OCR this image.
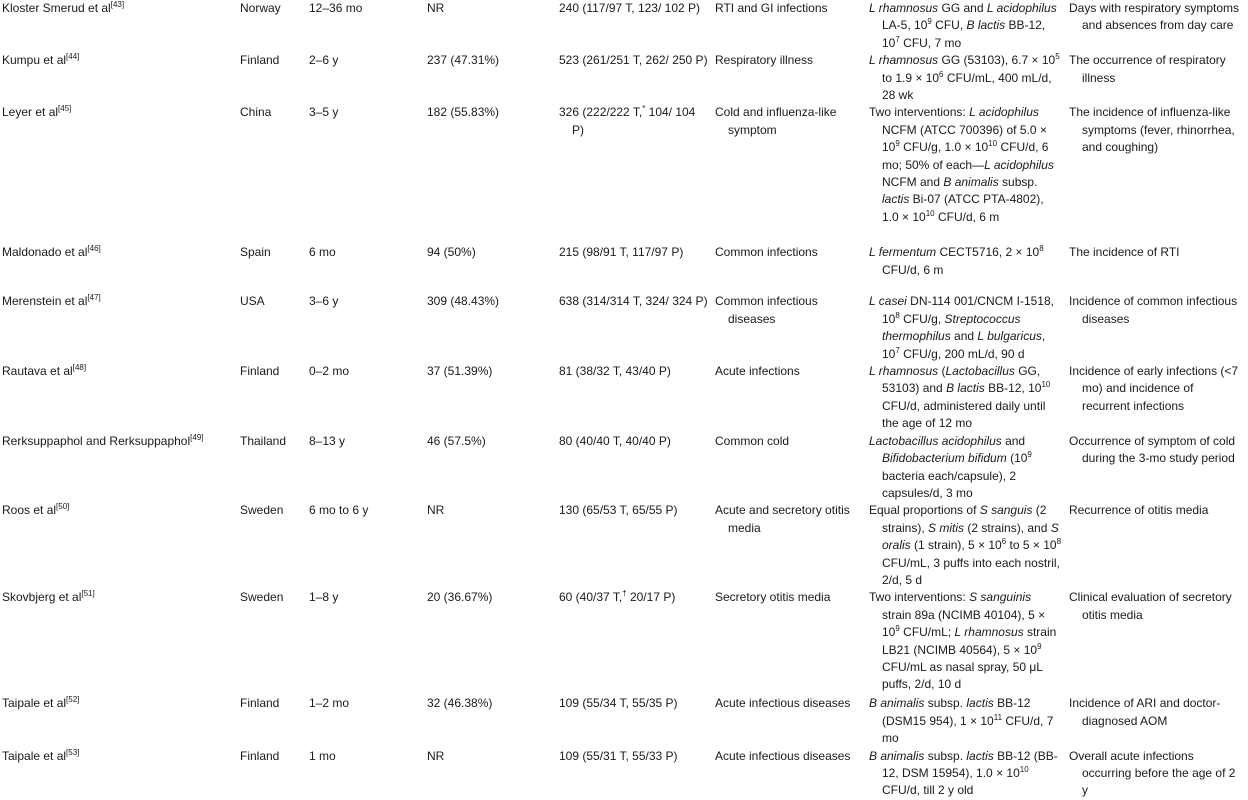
Kloster Smerud et al[43]	Norway	12–36 mo	NR	240 (117/97 T, 123/ 102 P)	RTI and GI infections	L rhamnosus GG and L acidophilus LA-5, $10^9$ CFU, B lactis BB-12, $10^7$ CFU, 7 mo	Days with respiratory symptoms and absences from day care

Kumpu et al[44]	Finland	2–6 y	237 (47.31%)	523 (261/251 T, 262/ 250 P)	Respiratory illness	L rhamnosus GG (53103), $6.7 \times 10^5$ to $1.9 \times 10^6$ CFU/mL, 400 mL/d, 28 wk	The occurrence of respiratory illness

Leyer et al[45]	China	3–5 y	182 (55.83%)	326 (222/222 T,* 104/ 104 P)	Cold and influenza-like symptom	Two interventions: L acidophilus NCFM (ATCC 700396) of $5.0 \times 10^9$ CFU/g, $1.0 \times 10^{10}$ CFU/d, 6 mo; 50% of each—L acidophilus NCFM and B animalis subsp. lactis Bi-07 (ATCC PTA-4802), $1.0 \times 10^{10}$ CFU/d, 6 m	The incidence of influenza-like symptoms (fever, rhinorrhea, and coughing)

Maldonado et al[46]	Spain	6 mo	94 (50%)	215 (98/91 T, 117/97 P)	Common infections	L fermentum CECT5716, $2 \times 10^8$ CFU/d, 6 m	The incidence of RTI

Merenstein et al[47]	USA	3–6 y	309 (48.43%)	638 (314/314 T, 324/ 324 P)	Common infectious diseases	L casei DN-114 001/CNCM I-1518, $10^8$ CFU/g, Streptococcus thermophilus and L bulgaricus, $10^7$ CFU/g, 200 mL/d, 90 d	Incidence of common infectious diseases

Rautava et al[48]	Finland	0–2 mo	37 (51.39%)	81 (38/32 T, 43/40 P)	Acute infections	L rhamnosus (Lactobacillus GG, 53103) and B lactis BB-12, $10^{10}$ CFU/d, administered daily until the age of 12 mo	Incidence of early infections (<7 mo) and incidence of recurrent infections

Rerksuppaphol and Rerksuppaphol[49]	Thailand	8–13 y	46 (57.5%)	80 (40/40 T, 40/40 P)	Common cold	Lactobacillus acidophilus and Bifidobacterium bifidum ($10^9$ bacteria each/capsule), 2 capsules/d, 3 mo	Occurrence of symptom of cold during the 3-mo study period

Roos et al[50]	Sweden	6 mo to 6 y	NR	130 (65/53 T, 65/55 P)	Acute and secretory otitis media	Equal proportions of S sanguis (2 strains), S mitis (2 strains), and S oralis (1 strain), $5 \times 10^6$ to $5 \times 10^8$ CFU/mL, 3 puffs into each nostril, 2/d, 5 d	Recurrence of otitis media

Skovbjerg et al[51]	Sweden	1–8 y	20 (36.67%)	60 (40/37 T,† 20/17 P)	Secretory otitis media	Two interventions: S sanguinis strain 89a (NCIMB 40104), $5 \times 10^9$ CFU/mL; L rhamnosus strain LB21 (NCIMB 40564), $5 \times 10^9$ CFU/mL as nasal spray, 50 μL puffs, 2/d, 10 d	Clinical evaluation of secretory otitis media

Taipale et al[52]	Finland	1–2 mo	32 (46.38%)	109 (55/34 T, 55/35 P)	Acute infectious diseases	B animalis subsp. lactis BB-12 (DSM15 954), $1 \times 10^{11}$ CFU/d, 7 mo	Incidence of ARI and doctor-diagnosed AOM

Taipale et al[53]	Finland	1 mo	NR	109 (55/31 T, 55/33 P)	Acute infectious diseases	B animalis subsp. lactis BB-12 (BB-12, DSM 15954), $1.0 \times 10^{10}$ CFU/d, till 2 y old	Overall acute infections occurring before the age of 2 y
